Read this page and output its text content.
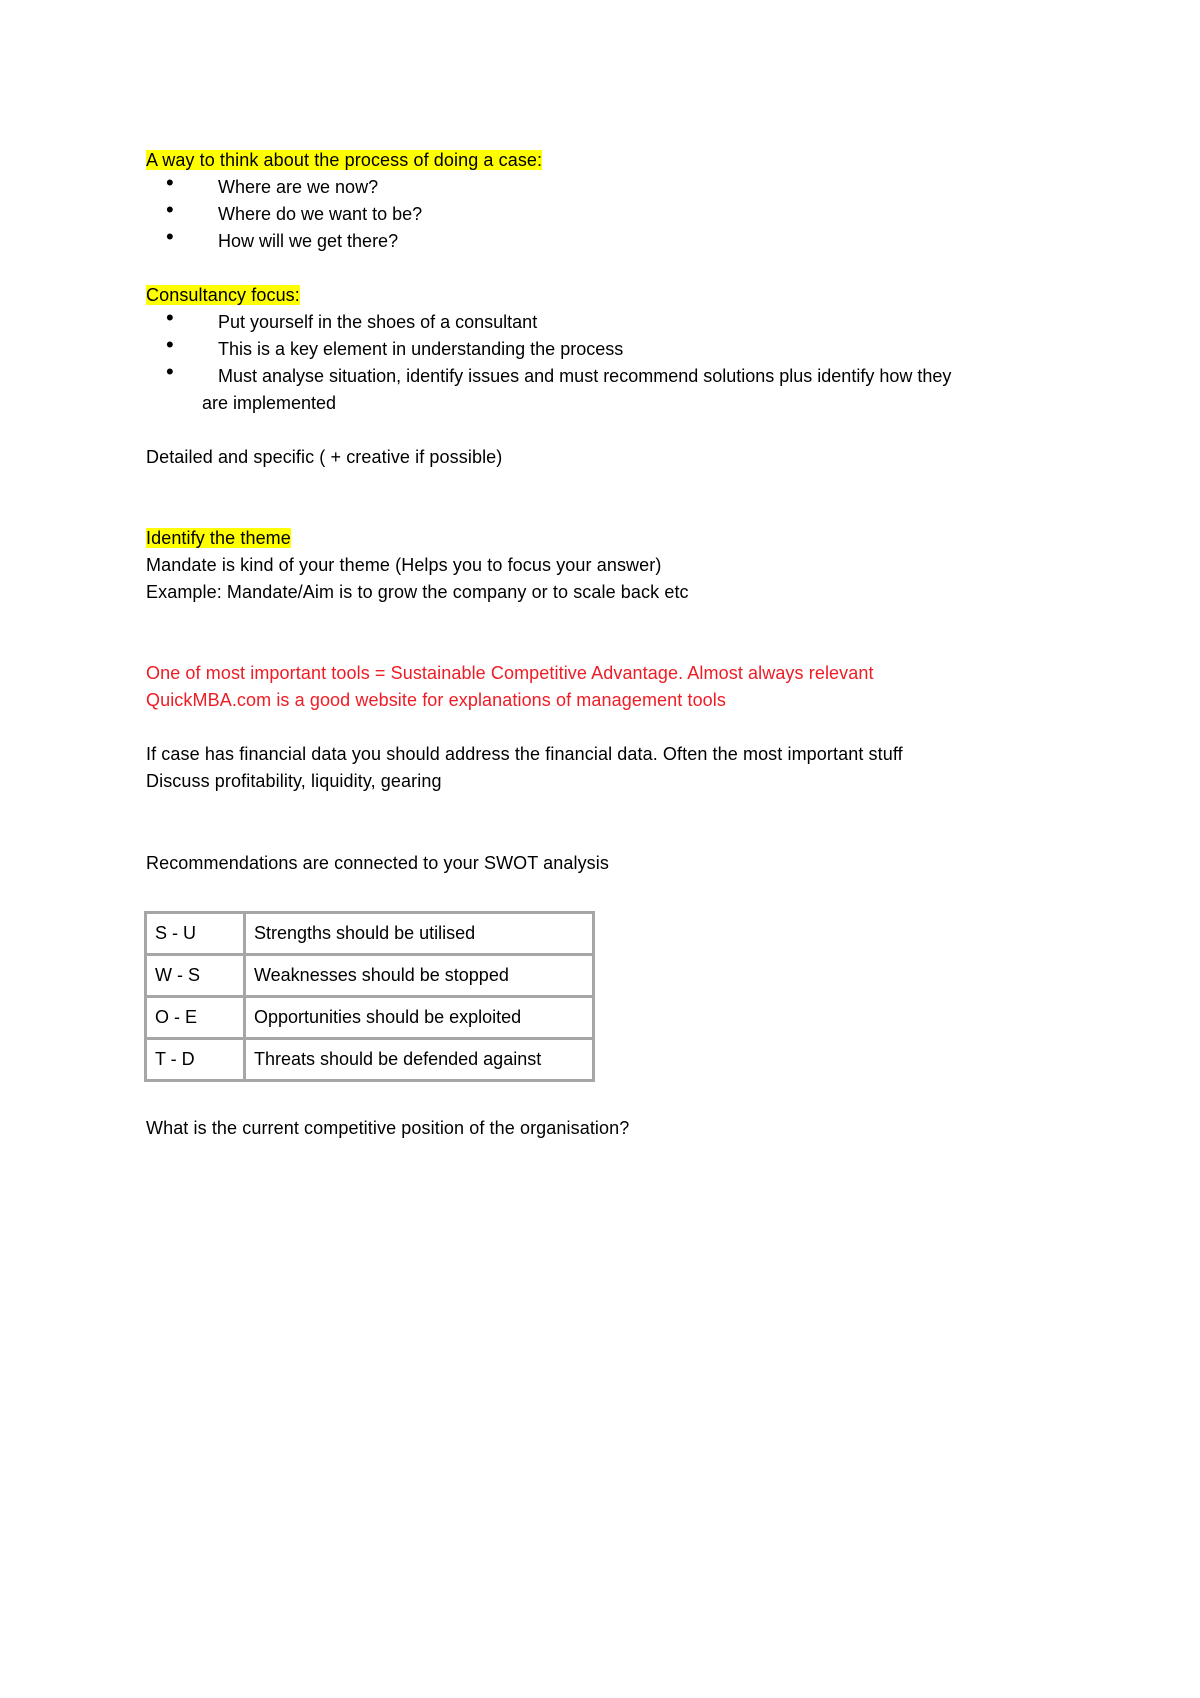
A way to think about the process of doing a case:
• Where are we now?
• Where do we want to be?
• How will we get there?
Consultancy focus:
• Put yourself in the shoes of a consultant
• This is a key element in understanding the process
• Must analyse situation, identify issues and must recommend solutions plus identify how they
are implemented
Detailed and specific ( + creative if possible)
Identify the theme
Mandate is kind of your theme (Helps you to focus your answer)
Example: Mandate/Aim is to grow the company or to scale back etc
One of most important tools = Sustainable Competitive Advantage. Almost always relevant
QuickMBA.com is a good website for explanations of management tools
If case has financial data you should address the financial data. Often the most important stuff
Discuss profitability, liquidity, gearing
Recommendations are connected to your SWOT analysis
S - U	Strengths should be utilised
W - S	Weaknesses should be stopped
O - E	Opportunities should be exploited
T - D	Threats should be defended against
What is the current competitive position of the organisation?
